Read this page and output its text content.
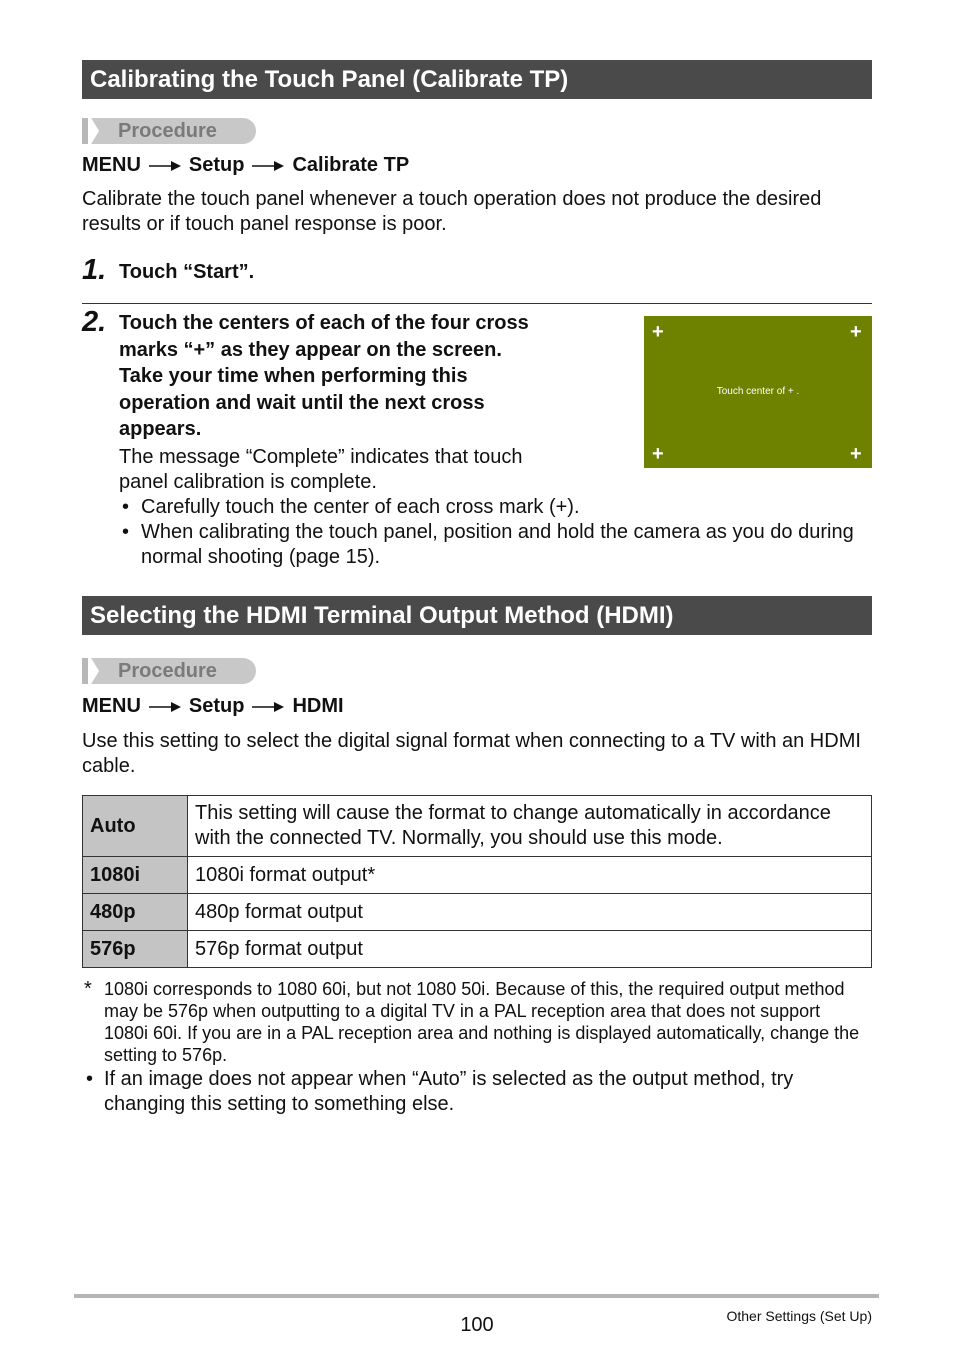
Calibrating the Touch Panel (Calibrate TP)
Procedure
MENU Setup Calibrate TP
Calibrate the touch panel whenever a touch operation does not produce the desired results or if touch panel response is poor.
1. Touch “Start”.
2. Touch the centers of each of the four cross
marks “+” as they appear on the screen.
Take your time when performing this
operation and wait until the next cross
appears.
The message “Complete” indicates that touch
panel calibration is complete.
• Carefully touch the center of each cross mark (+).
• When calibrating the touch panel, position and hold the camera as you do during normal shooting (page 15).
+	+
+	+
Touch center of + .
Selecting the HDMI Terminal Output Method (HDMI)
Procedure
MENU Setup HDMI
Use this setting to select the digital signal format when connecting to a TV with an HDMI cable.
Auto	This setting will cause the format to change automatically in accordance with the connected TV. Normally, you should use this mode.
1080i	1080i format output*
480p	480p format output
576p	576p format output
* 1080i corresponds to 1080 60i, but not 1080 50i. Because of this, the required output method may be 576p when outputting to a digital TV in a PAL reception area that does not support 1080i 60i. If you are in a PAL reception area and nothing is displayed automatically, change the setting to 576p.
• If an image does not appear when “Auto” is selected as the output method, try changing this setting to something else.
100	Other Settings (Set Up)
